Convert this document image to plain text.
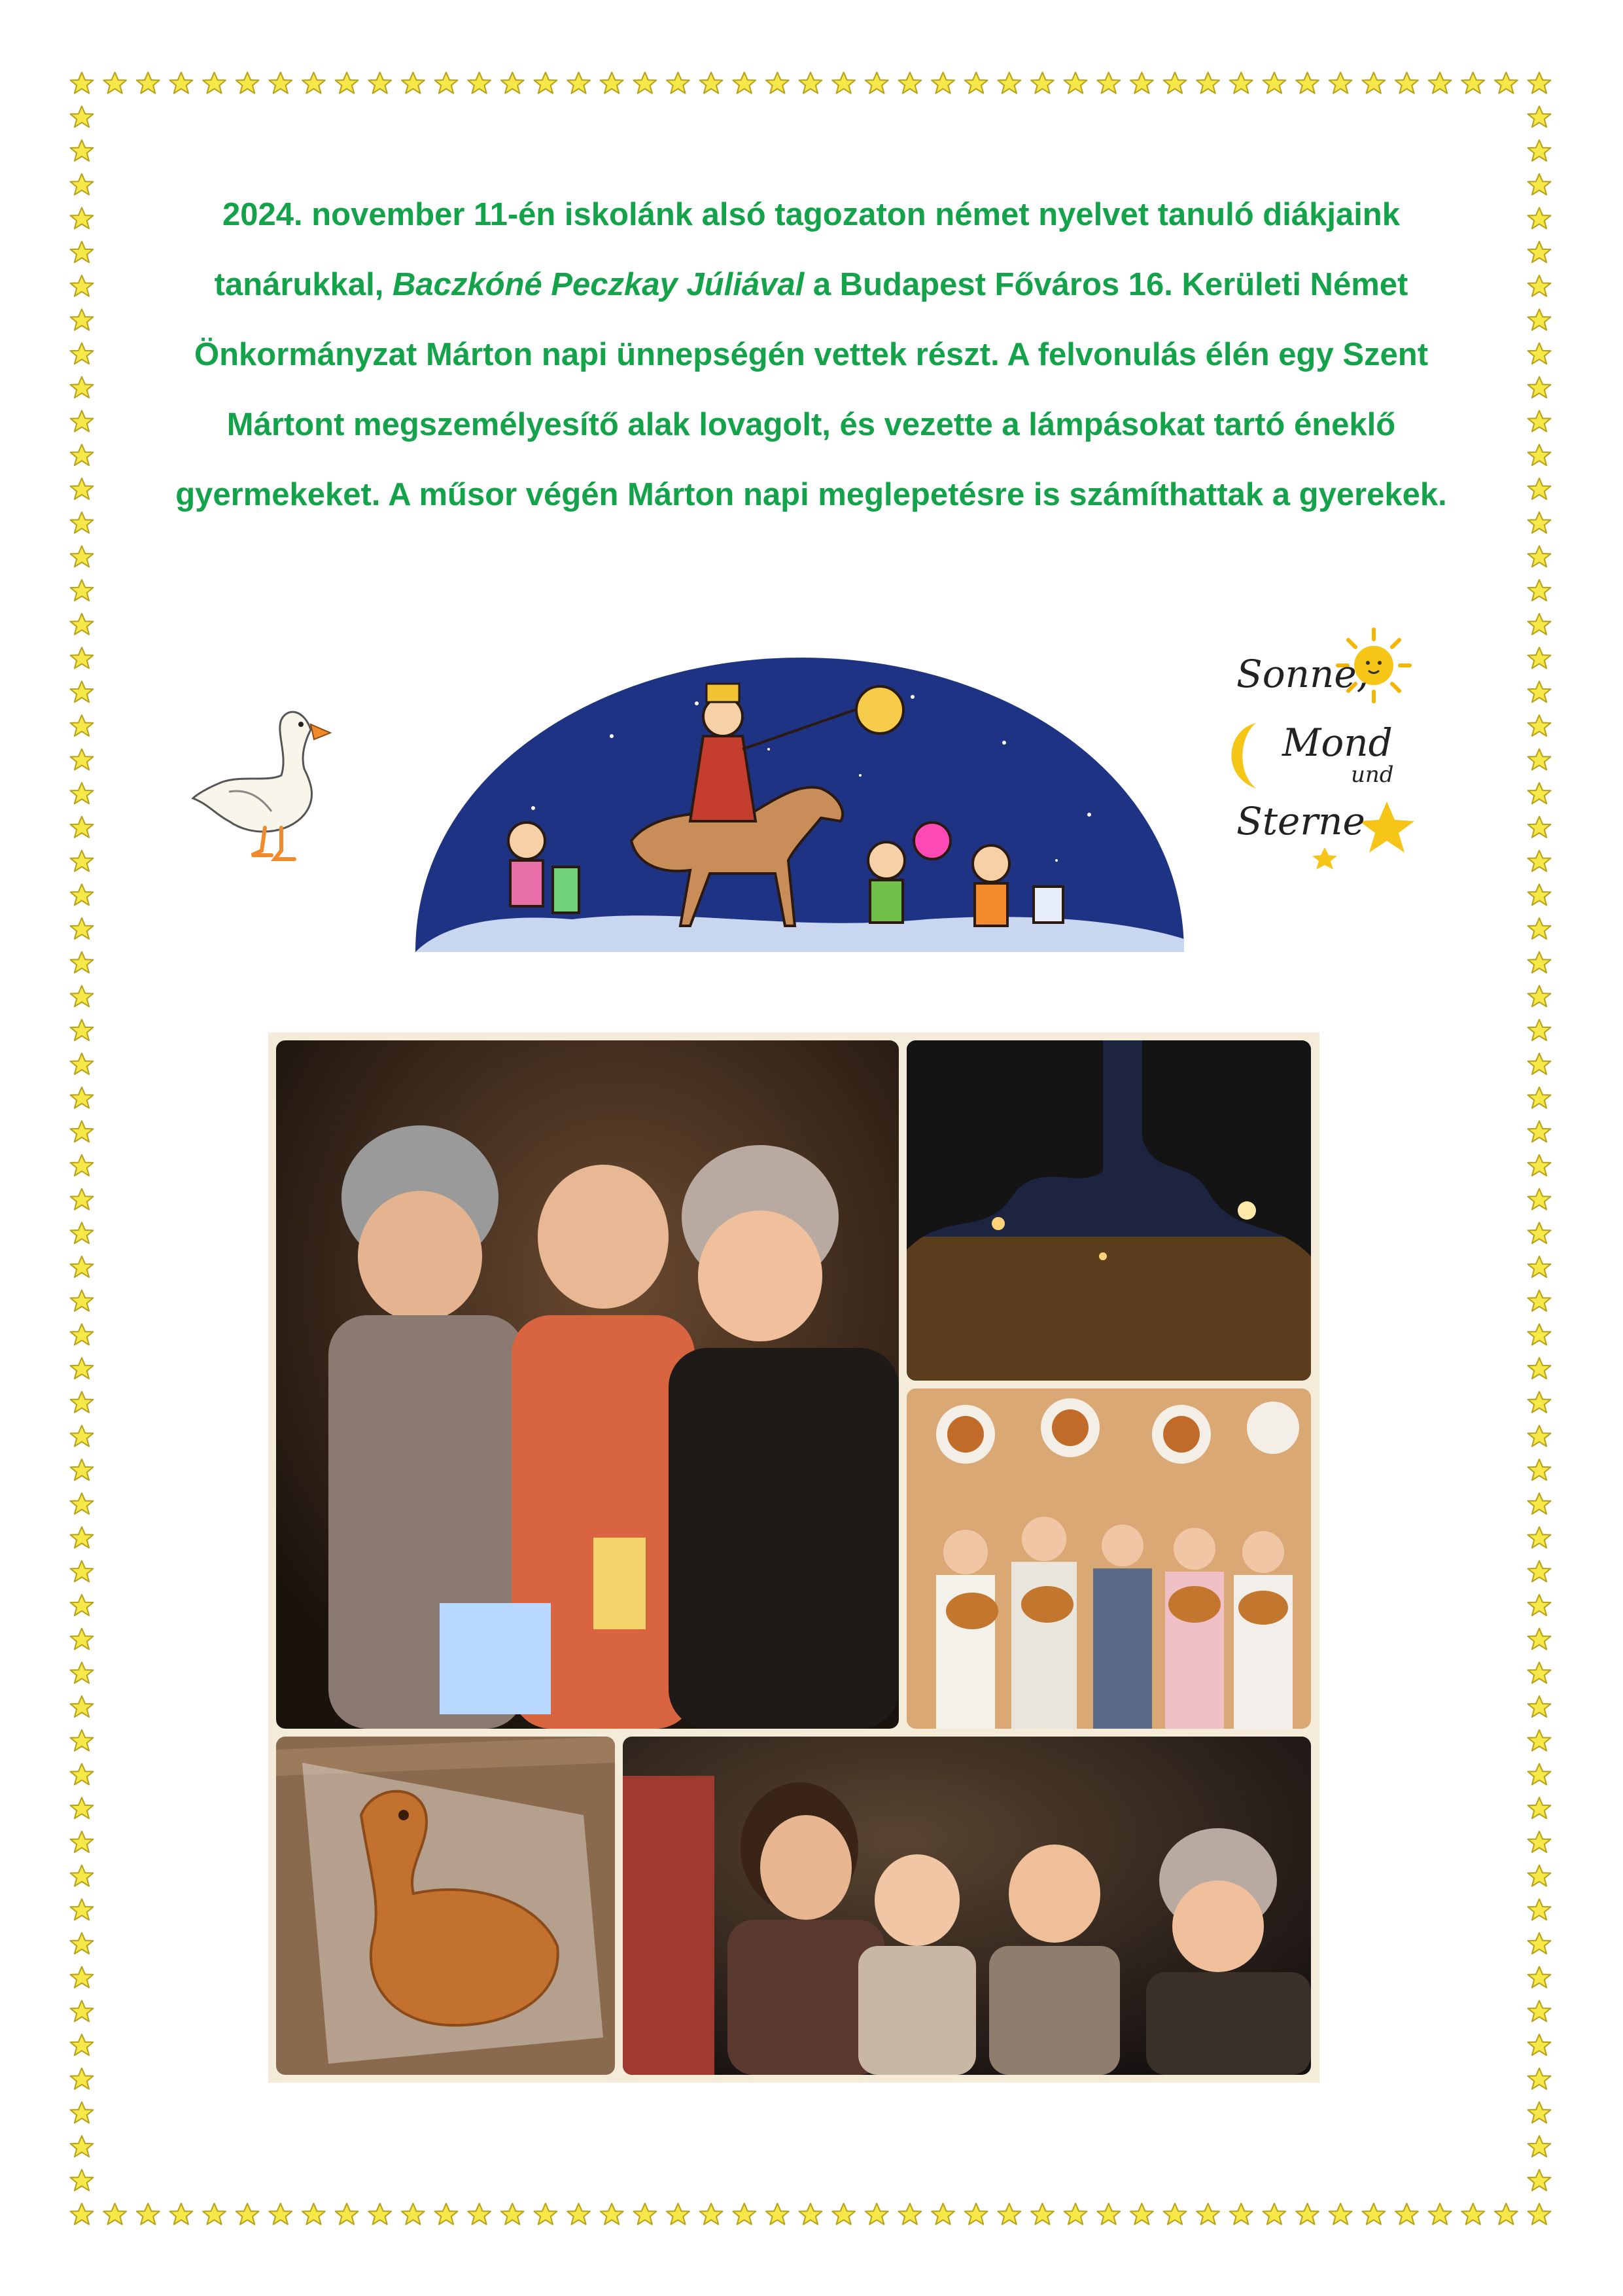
2024. november 11-én iskolánk alsó tagozaton német nyelvet tanuló diákjaink tanárukkal, Baczkóné Peczkay Júliával a Budapest Főváros 16. Kerületi Német Önkormányzat Márton napi ünnepségén vettek részt. A felvonulás élén egy Szent Mártont megszemélyesítő alak lovagolt, és vezette a lámpásokat tartó éneklő gyermekeket. A műsor végén Márton napi meglepetésre is számíthattak a gyerekek.

Sonne,
Mond
und
Sterne
